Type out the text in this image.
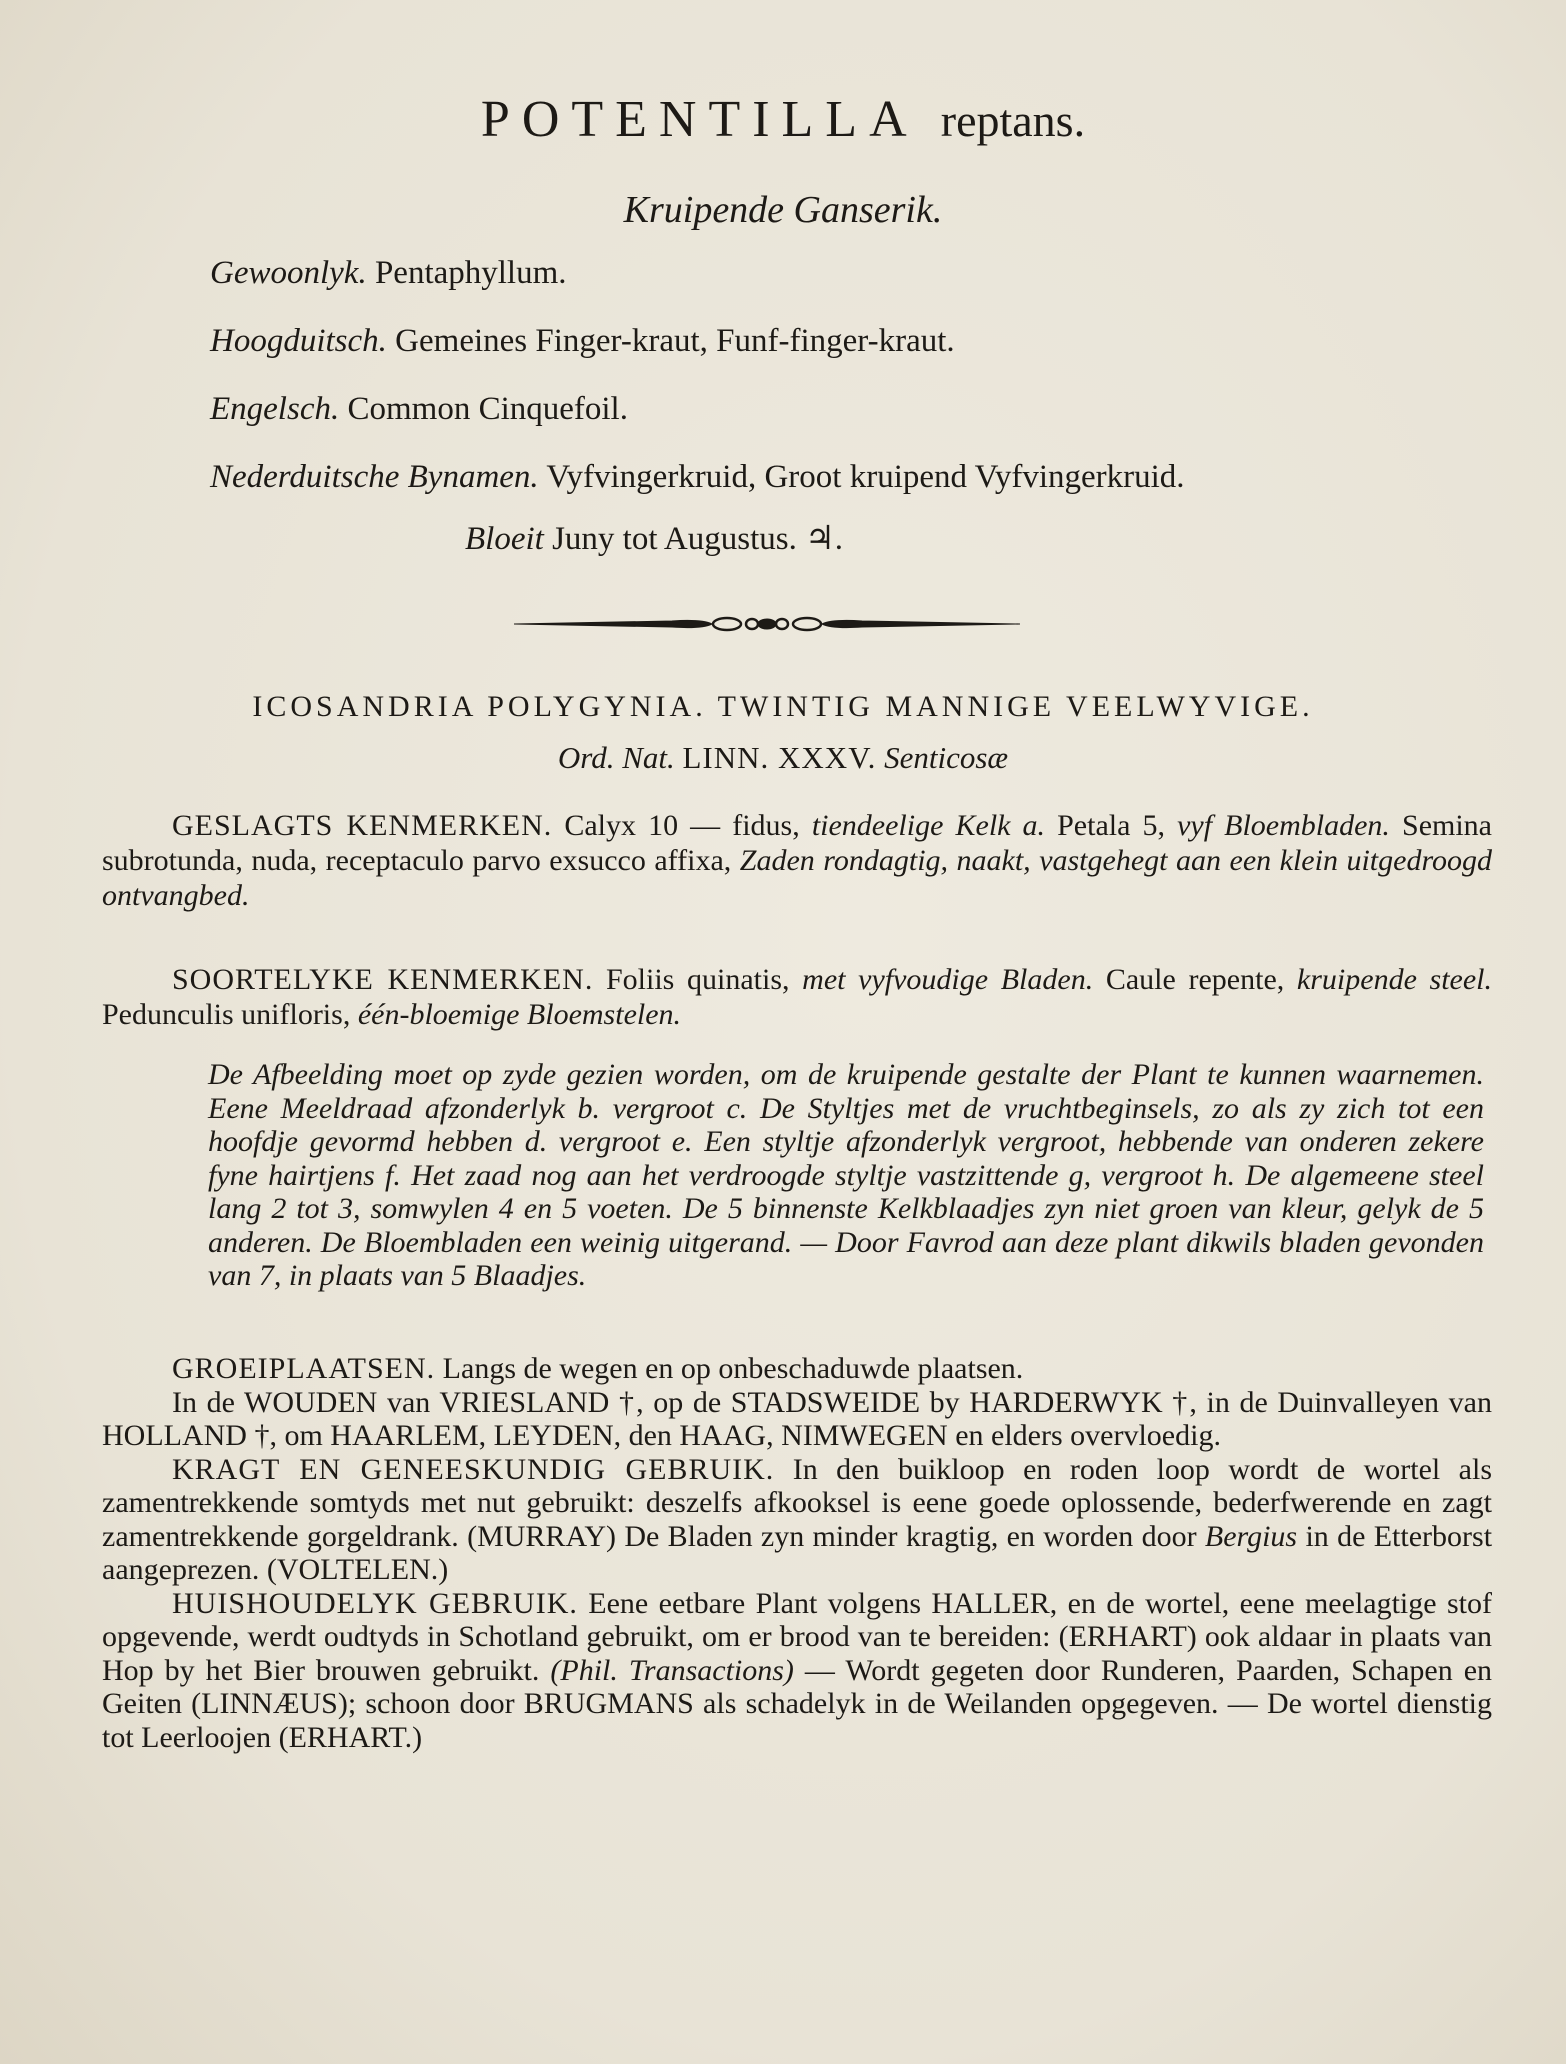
POTENTILLA reptans.
Kruipende Ganserik.
Gewoonlyk. Pentaphyllum.
Hoogduitsch. Gemeines Finger-kraut, Funf-finger-kraut.
Engelsch. Common Cinquefoil.
Nederduitsche Bynamen. Vyfvingerkruid, Groot kruipend Vyfvingerkruid.
Bloeit Juny tot Augustus. ♃.
ICOSANDRIA POLYGYNIA. TWINTIG MANNIGE VEELWYVIGE.
Ord. Nat. LINN. XXXV. Senticosæ
GESLAGTS KENMERKEN. Calyx 10 — fidus, tiendeelige Kelk a. Petala 5, vyf Bloembladen. Semina subrotunda, nuda, receptaculo parvo exsucco affixa, Zaden rondagtig, naakt, vastgehegt aan een klein uitgedroogd ontvangbed.
SOORTELYKE KENMERKEN. Foliis quinatis, met vyfvoudige Bladen. Caule repente, kruipende steel. Pedunculis unifloris, één-bloemige Bloemstelen.
De Afbeelding moet op zyde gezien worden, om de kruipende gestalte der Plant te kunnen waarnemen. Eene Meeldraad afzonderlyk b. vergroot c. De Styltjes met de vruchtbeginsels, zo als zy zich tot een hoofdje gevormd hebben d. vergroot e. Een styltje afzonderlyk vergroot, hebbende van onderen zekere fyne hairtjens f. Het zaad nog aan het verdroogde styltje vastzittende g, vergroot h. De algemeene steel lang 2 tot 3, somwylen 4 en 5 voeten. De 5 binnenste Kelkblaadjes zyn niet groen van kleur, gelyk de 5 anderen. De Bloembladen een weinig uitgerand. — Door Favrod aan deze plant dikwils bladen gevonden van 7, in plaats van 5 Blaadjes.
GROEIPLAATSEN. Langs de wegen en op onbeschaduwde plaatsen.
In de WOUDEN van VRIESLAND †, op de STADSWEIDE by HARDERWYK †, in de Duinvalleyen van HOLLAND †, om HAARLEM, LEYDEN, den HAAG, NIMWEGEN en elders overvloedig.
KRAGT EN GENEESKUNDIG GEBRUIK. In den buikloop en roden loop wordt de wortel als zamentrekkende somtyds met nut gebruikt: deszelfs afkooksel is eene goede oplossende, bederfwerende en zagt zamentrekkende gorgeldrank. (MURRAY) De Bladen zyn minder kragtig, en worden door Bergius in de Etterborst aangeprezen. (VOLTELEN.)
HUISHOUDELYK GEBRUIK. Eene eetbare Plant volgens HALLER, en de wortel, eene meelagtige stof opgevende, werdt oudtyds in Schotland gebruikt, om er brood van te bereiden: (ERHART) ook aldaar in plaats van Hop by het Bier brouwen gebruikt. (Phil. Transactions) — Wordt gegeten door Runderen, Paarden, Schapen en Geiten (LINNÆUS); schoon door BRUGMANS als schadelyk in de Weilanden opgegeven. — De wortel dienstig tot Leerloojen (ERHART.)
